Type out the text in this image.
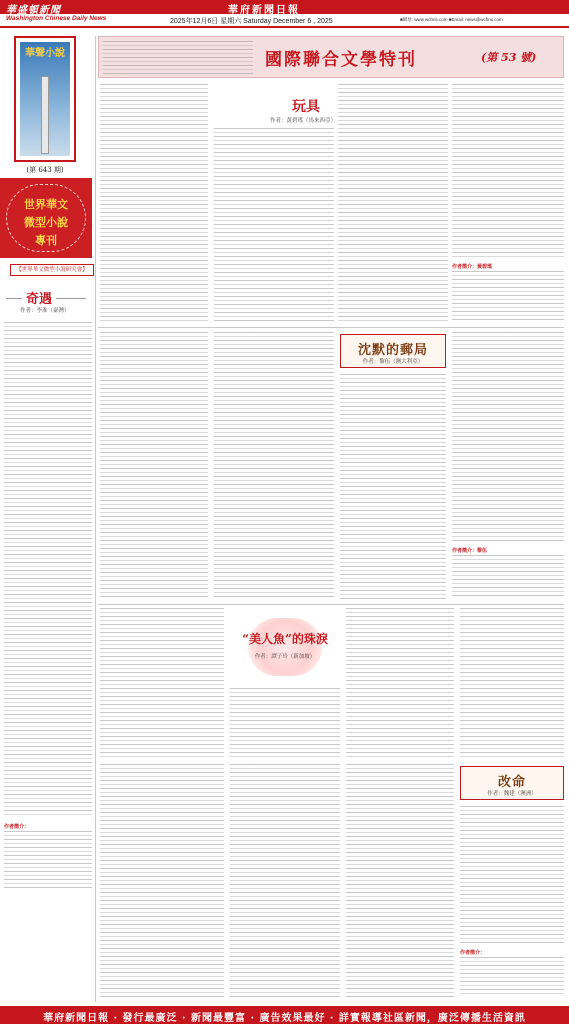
華盛頓新聞
Washington Chinese Daily News
華府新聞日報
2025年12月6日 星期六 Saturday December 6 , 2025	■網址: www.wchns.com ■Email: news@wchns.com
·副刊· B8
華聲小說
(第 643 期)
世界華文
微型小說
專刊
【世界華文微型小說研究會】
奇遇
作者：李淮（臺灣）
作者簡介：
國際聯合文學特刊	(第 53 號)
玩具
作者：黃碧瑤（馬來西亞）
作者簡介：黃碧瑤
沈默的郵局
作者：黎伍（澳大利亞）
作者簡介：黎伍
“美人魚”的珠淚
作者：譚子玲（新加坡）
改命
作者：魏建（澳洲）
作者簡介：
華府新聞日報 · 發行最廣泛 · 新聞最豐富 · 廣告效果最好 · 詳實報導社區新聞，廣泛傳播生活資訊
